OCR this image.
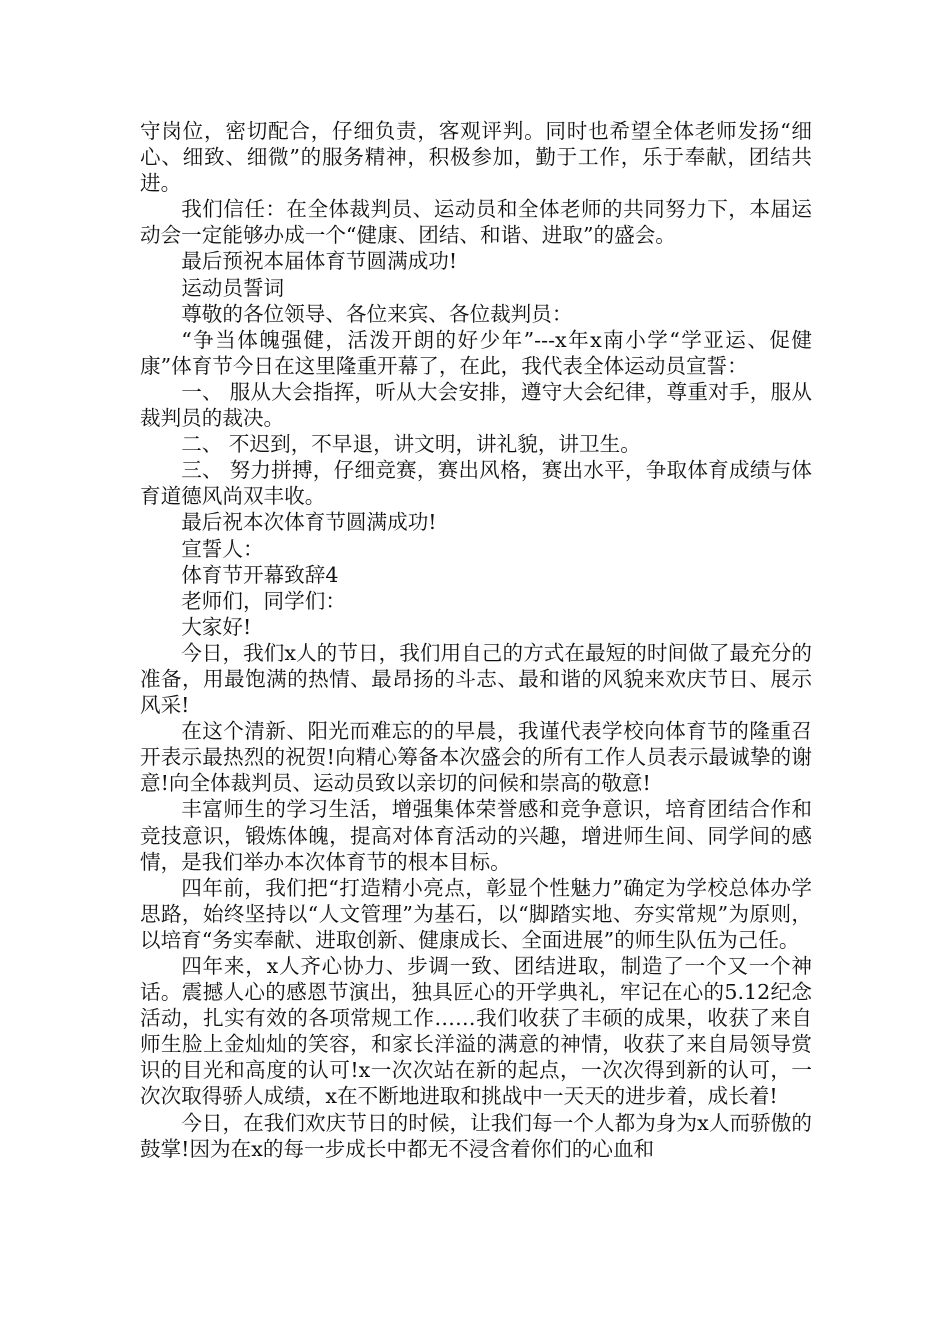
守岗位，密切配合，仔细负责，客观评判。同时也希望全体老师发扬“细心、细致、细微”的服务精神，积极参加，勤于工作，乐于奉献，团结共进。

我们信任：在全体裁判员、运动员和全体老师的共同努力下，本届运动会一定能够办成一个“健康、团结、和谐、进取”的盛会。

最后预祝本届体育节圆满成功!

运动员誓词

尊敬的各位领导、各位来宾、各位裁判员：

“争当体魄强健，活泼开朗的好少年”---x年x南小学“学亚运、促健康”体育节今日在这里隆重开幕了，在此，我代表全体运动员宣誓：

一、 服从大会指挥，听从大会安排，遵守大会纪律，尊重对手，服从裁判员的裁决。

二、 不迟到，不早退，讲文明，讲礼貌，讲卫生。

三、 努力拼搏，仔细竞赛，赛出风格，赛出水平，争取体育成绩与体育道德风尚双丰收。

最后祝本次体育节圆满成功!

宣誓人：

体育节开幕致辞4

老师们，同学们：

大家好!

今日，我们x人的节日，我们用自己的方式在最短的时间做了最充分的准备，用最饱满的热情、最昂扬的斗志、最和谐的风貌来欢庆节日、展示风采!

在这个清新、阳光而难忘的的早晨，我谨代表学校向体育节的隆重召开表示最热烈的祝贺!向精心筹备本次盛会的所有工作人员表示最诚挚的谢意!向全体裁判员、运动员致以亲切的问候和崇高的敬意!

丰富师生的学习生活，增强集体荣誉感和竞争意识，培育团结合作和竞技意识，锻炼体魄，提高对体育活动的兴趣，增进师生间、同学间的感情，是我们举办本次体育节的根本目标。

四年前，我们把“打造精小亮点，彰显个性魅力”确定为学校总体办学思路，始终坚持以“人文管理”为基石，以“脚踏实地、夯实常规”为原则，以培育“务实奉献、进取创新、健康成长、全面进展”的师生队伍为己任。

四年来，x人齐心协力、步调一致、团结进取，制造了一个又一个神话。震撼人心的感恩节演出，独具匠心的开学典礼，牢记在心的5.12纪念活动，扎实有效的各项常规工作……我们收获了丰硕的成果，收获了来自师生脸上金灿灿的笑容，和家长洋溢的满意的神情，收获了来自局领导赏识的目光和高度的认可!x一次次站在新的起点，一次次得到新的认可，一次次取得骄人成绩，x在不断地进取和挑战中一天天的进步着，成长着!

今日，在我们欢庆节日的时候，让我们每一个人都为身为x人而骄傲的鼓掌!因为在x的每一步成长中都无不浸含着你们的心血和
